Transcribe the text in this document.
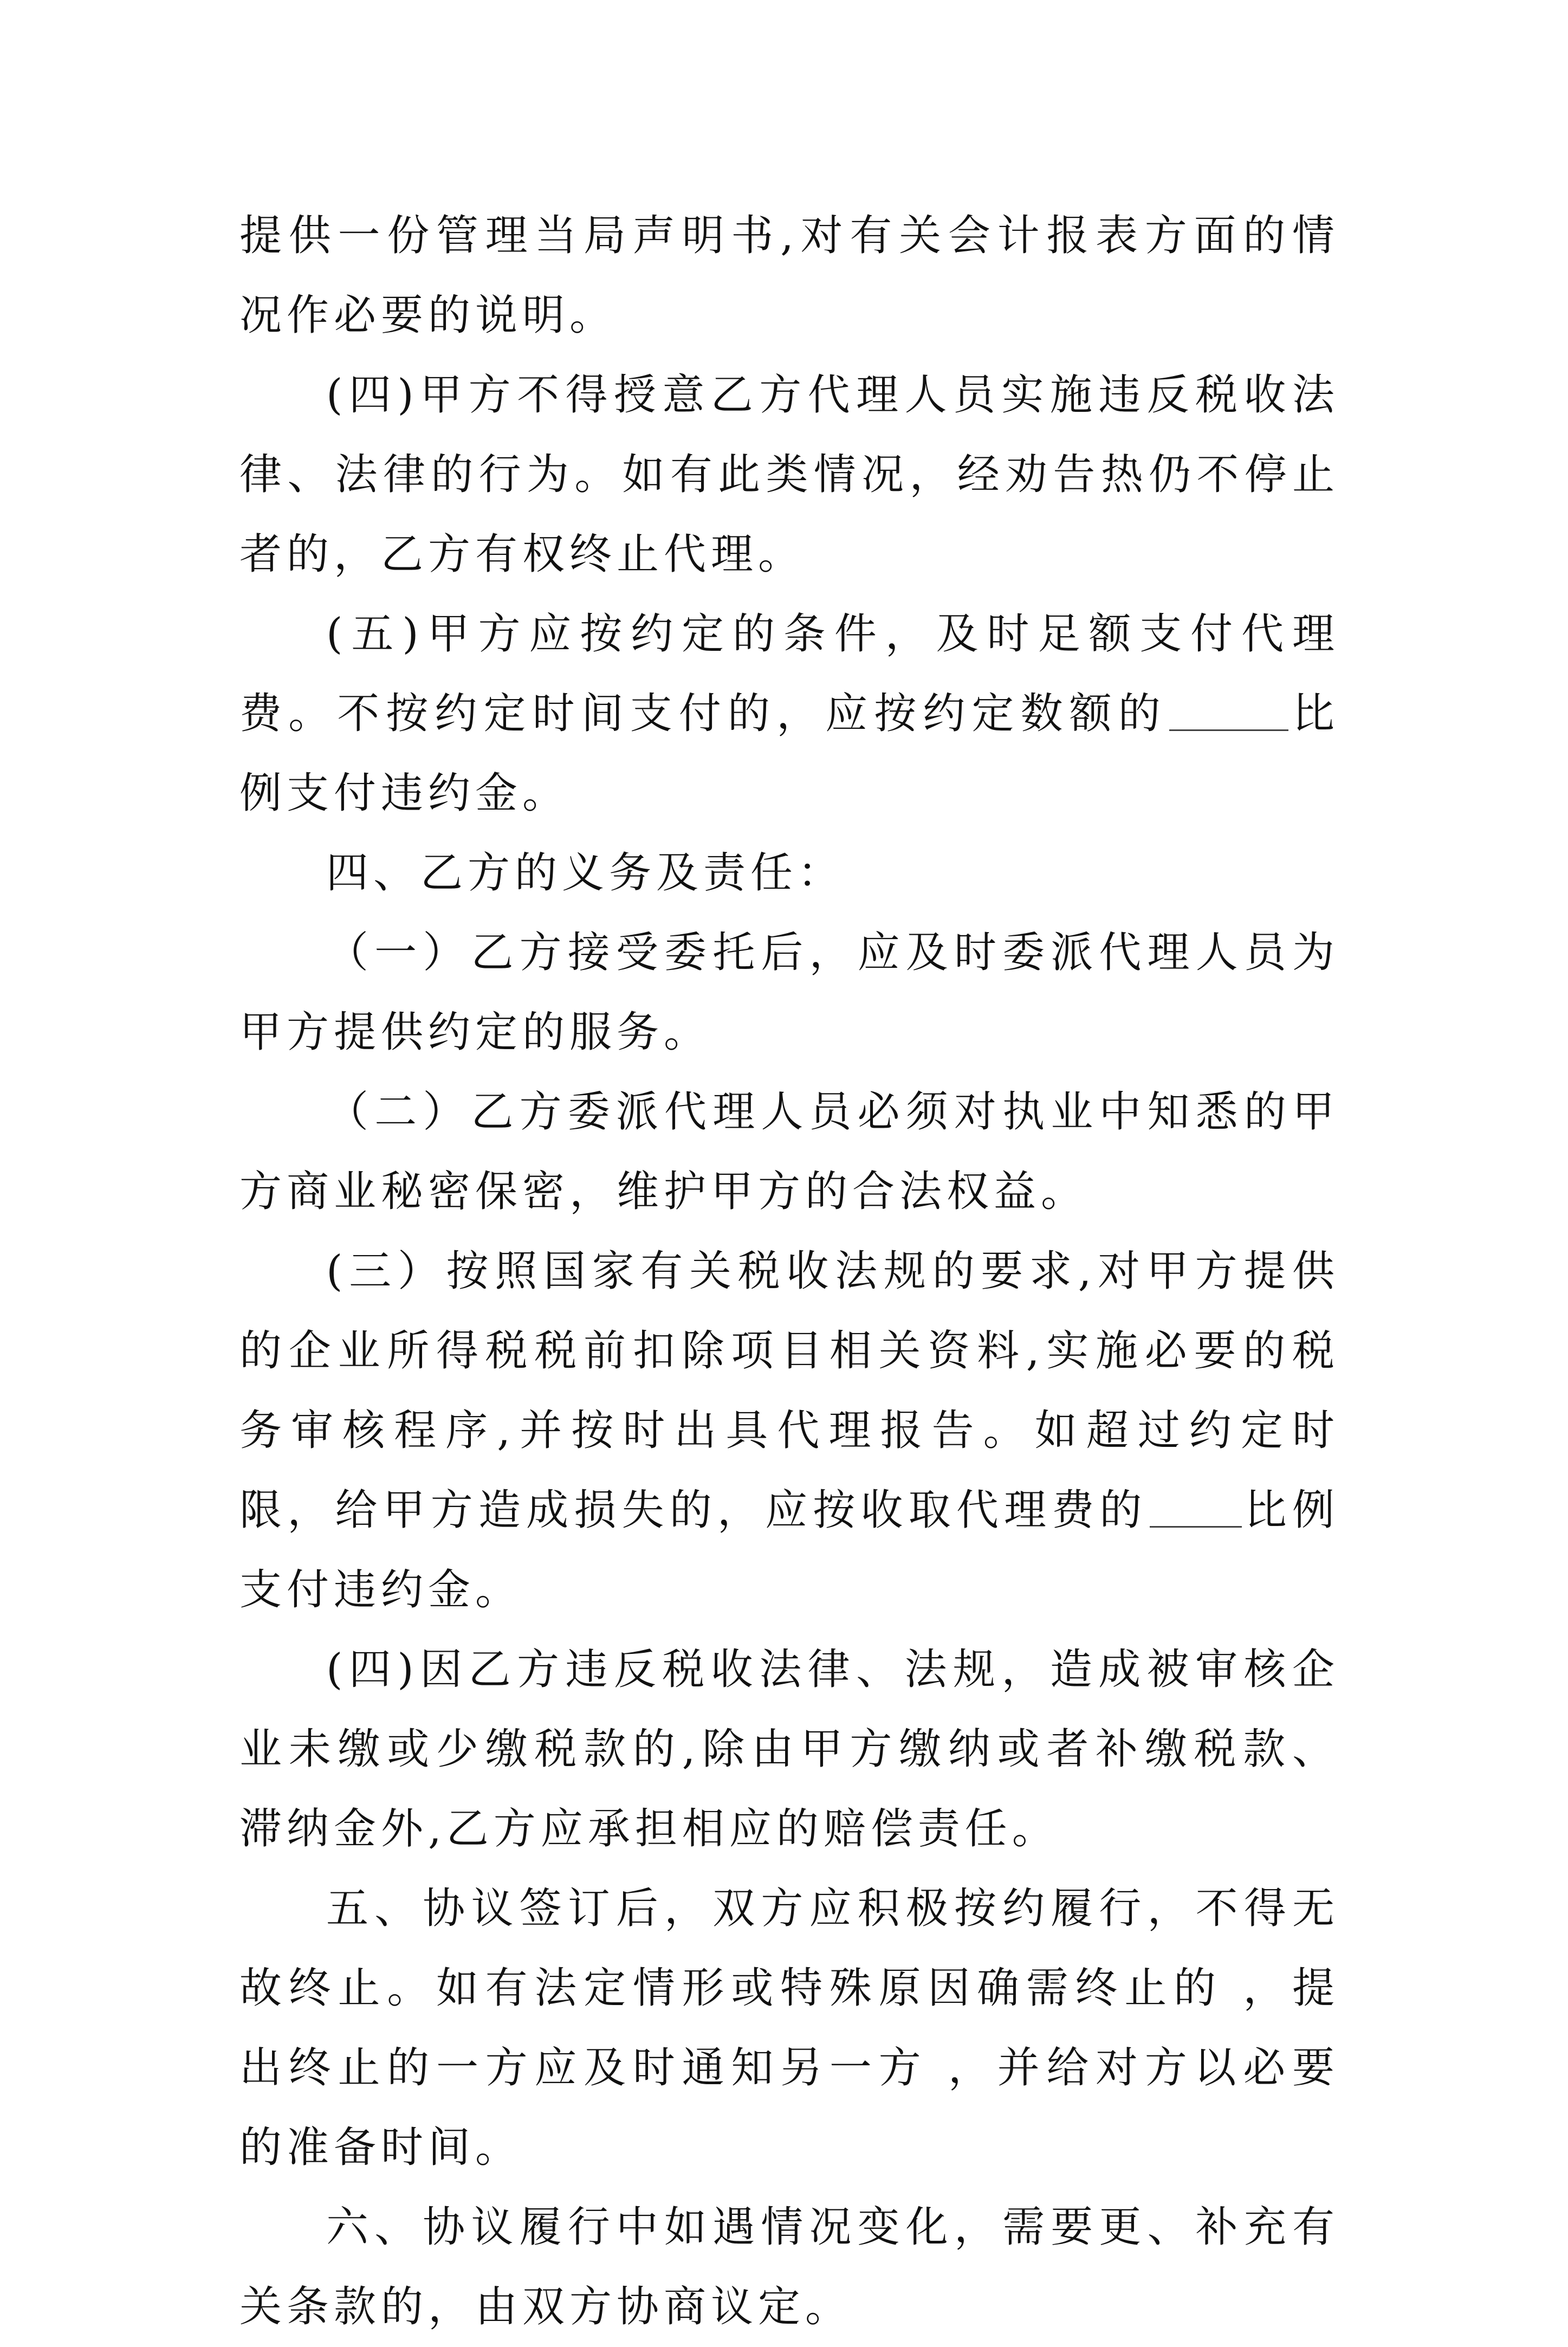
提供一份管理当局声明书,对有关会计报表方面的情况作必要的说明。

(四)甲方不得授意乙方代理人员实施违反税收法律、法律的行为。如有此类情况，经劝告热仍不停止者的，乙方有权终止代理。

(五)甲方应按约定的条件，及时足额支付代理费。不按约定时间支付的，应按约定数额的	比例支付违约金。

四、乙方的义务及责任：

（一）乙方接受委托后，应及时委派代理人员为甲方提供约定的服务。

（二）乙方委派代理人员必须对执业中知悉的甲方商业秘密保密，维护甲方的合法权益。

(三）按照国家有关税收法规的要求,对甲方提供的企业所得税税前扣除项目相关资料,实施必要的税务审核程序,并按时出具代理报告。如超过约定时限，给甲方造成损失的，应按收取代理费的 比例支付违约金。

(四)因乙方违反税收法律、法规，造成被审核企业未缴或少缴税款的,除由甲方缴纳或者补缴税款、滞纳金外,乙方应承担相应的赔偿责任。

五、协议签订后，双方应积极按约履行，不得无故终止。如有法定情形或特殊原因确需终止的 ，提出终止的一方应及时通知另一方 ，并给对方以必要的准备时间。

六、协议履行中如遇情况变化，需要更、补充有关条款的，由双方协商议定。
